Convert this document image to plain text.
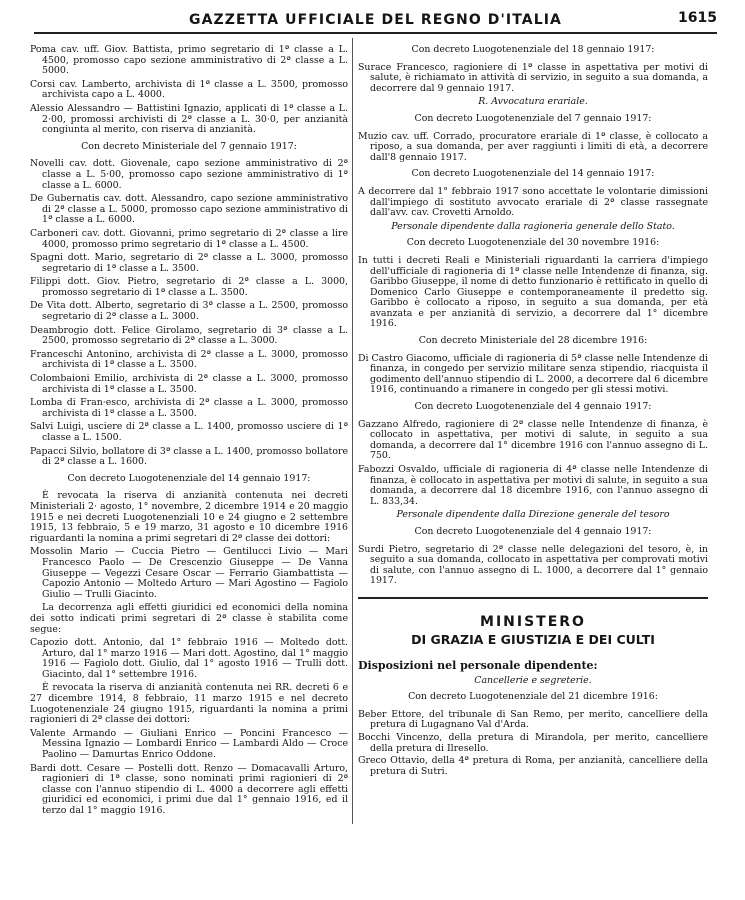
GAZZETTA UFFICIALE DEL REGNO D'ITALIA	1615

Poma cav. uff. Giov. Battista, primo segretario di 1ª classe a L. 4500, promosso capo sezione amministrativo di 2ª classe a L. 5000.

Corsi cav. Lamberto, archivista di 1ª classe a L. 3500, promosso archivista capo a L. 4000.

Alessio Alessandro — Battistini Ignazio, applicati di 1ª classe a L. 2·00, promossi archivisti di 2ª classe a L. 30·0, per anzianità congiunta al merito, con riserva di anzianità.

Con decreto Ministeriale del 7 gennaio 1917:

Novelli cav. dott. Giovenale, capo sezione amministrativo di 2ª classe a L. 5·00, promosso capo sezione amministrativo di 1ª classe a L. 6000.

De Gubernatis cav. dott. Alessandro, capo sezione amministrativo di 2ª classe a L. 5000, promosso capo sezione amministrativo di 1ª classe a L. 6000.

Carboneri cav. dott. Giovanni, primo segretario di 2ª classe a lire 4000, promosso primo segretario di 1ª classe a L. 4500.

Spagni dott. Mario, segretario di 2ª classe a L. 3000, promosso segretario di 1ª classe a L. 3500.

Filippi dott. Giov. Pietro, segretario di 2ª classe a L. 3000, promosso segretario di 1ª classe a L. 3500.

De Vita dott. Alberto, segretario di 3ª classe a L. 2500, promosso segretario di 2ª classe a L. 3000.

Deambrogio dott. Felice Girolamo, segretario di 3ª classe a L. 2500, promosso segretario di 2ª classe a L. 3000.

Franceschi Antonino, archivista di 2ª classe a L. 3000, promosso archivista di 1ª classe a L. 3500.

Colombaioni Emilio, archivista di 2ª classe a L. 3000, promosso archivista di 1ª classe a L. 3500.

Lomba di Fran·esco, archivista di 2ª classe a L. 3000, promosso archivista di 1ª classe a L. 3500.

Salvi Luigi, usciere di 2ª classe a L. 1400, promosso usciere di 1ª classe a L. 1500.

Papacci Silvio, bollatore di 3ª classe a L. 1400, promosso bollatore di 2ª classe a L. 1600.

Con decreto Luogotenenziale del 14 gennaio 1917:

È revocata la riserva di anzianità contenuta nei decreti Ministeriali 2· agosto, 1° novembre, 2 dicembre 1914 e 20 maggio 1915 e nei decreti Luogotenenziali 10 e 24 giugno e 2 settembre 1915, 13 febbraio, 5 e 19 marzo, 31 agosto e 10 dicembre 1916 riguardanti la nomina a primi segretari di 2ª classe dei dottori:

Mossolin Mario — Cuccia Pietro — Gentilucci Livio — Mari Francesco Paolo — De Crescenzio Giuseppe — De Vanna Giuseppe — Vegezzi Cesare Oscar — Ferrario Giambattista — Capozio Antonio — Moltedo Arturo — Mari Agostino — Fagiolo Giulio — Trulli Giacinto.

La decorrenza agli effetti giuridici ed economici della nomina dei sotto indicati primi segretari di 2ª classe è stabilita come segue:

Capozio dott. Antonio, dal 1° febbraio 1916 — Moltedo dott. Arturo, dal 1° marzo 1916 — Mari dott. Agostino, dal 1° maggio 1916 — Fagiolo dott. Giulio, dal 1° agosto 1916 — Trulli dott. Giacinto, dal 1° settembre 1916.

È revocata la riserva di anzianità contenuta nei RR. decreti 6 e 27 dicembre 1914, 8 febbraio, 11 marzo 1915 e nel decreto Luogotenenziale 24 giugno 1915, riguardanti la nomina a primi ragionieri di 2ª classe dei dottori:

Valente Armando — Giuliani Enrico — Poncini Francesco — Messina Ignazio — Lombardi Enrico — Lambardi Aldo — Croce Paolino — Damurtas Enrico Oddone.

Bardi dott. Cesare — Postelli dott. Renzo — Domacavalli Arturo, ragionieri di 1ª classe, sono nominati primi ragionieri di 2ª classe con l'annuo stipendio di L. 4000 a decorrere agli effetti giuridici ed economici, i primi due dal 1° gennaio 1916, ed il terzo dal 1° maggio 1916.

Con decreto Luogotenenziale del 18 gennaio 1917:

Surace Francesco, ragioniere di 1ª classe in aspettativa per motivi di salute, è richiamato in attività di servizio, in seguito a sua domanda, a decorrere dal 9 gennaio 1917.

R. Avvocatura erariale.

Con decreto Luogotenenziale del 7 gennaio 1917:

Muzio cav. uff. Corrado, procuratore erariale di 1ª classe, è collocato a riposo, a sua domanda, per aver raggiunti i limiti di età, a decorrere dall'8 gennaio 1917.

Con decreto Luogotenenziale del 14 gennaio 1917:

A decorrere dal 1° febbraio 1917 sono accettate le volontarie dimissioni dall'impiego di sostituto avvocato erariale di 2ª classe rassegnate dall'avv. cav. Crovetti Arnoldo.

Personale dipendente dalla ragioneria generale dello Stato.

Con decreto Luogotenenziale del 30 novembre 1916:

In tutti i decreti Reali e Ministeriali riguardanti la carriera d'impiego dell'ufficiale di ragioneria di 1ª classe nelle Intendenze di finanza, sig. Garibbo Giuseppe, il nome di detto funzionario è rettificato in quello di Domenico Carlo Giuseppe e contemporaneamente il predetto sig. Garibbo è collocato a riposo, in seguito a sua domanda, per età avanzata e per anzianità di servizio, a decorrere dal 1° dicembre 1916.

Con decreto Ministeriale del 28 dicembre 1916:

Di Castro Giacomo, ufficiale di ragioneria di 5ª classe nelle Intendenze di finanza, in congedo per servizio militare senza stipendio, riacquista il godimento dell'annuo stipendio di L. 2000, a decorrere dal 6 dicembre 1916, continuando a rimanere in congedo per gli stessi motivi.

Con decreto Luogotenenziale del 4 gennaio 1917:

Gazzano Alfredo, ragioniere di 2ª classe nelle Intendenze di finanza, è collocato in aspettativa, per motivi di salute, in seguito a sua domanda, a decorrere dal 1° dicembre 1916 con l'annuo assegno di L. 750.

Fabozzi Osvaldo, ufficiale di ragioneria di 4ª classe nelle Intendenze di finanza, è collocato in aspettativa per motivi di salute, in seguito a sua domanda, a decorrere dal 18 dicembre 1916, con l'annuo assegno di L. 833,34.

Personale dipendente dalla Direzione generale del tesoro

Con decreto Luogotenenziale del 4 gennaio 1917:

Surdi Pietro, segretario di 2ª classe nelle delegazioni del tesoro, è, in seguito a sua domanda, collocato in aspettativa per comprovati motivi di salute, con l'annuo assegno di L. 1000, a decorrere dal 1° gennaio 1917.

MINISTERO
DI GRAZIA E GIUSTIZIA E DEI CULTI

Disposizioni nel personale dipendente:

Cancellerie e segreterie.

Con decreto Luogotenenziale del 21 dicembre 1916:

Beber Ettore, del tribunale di San Remo, per merito, cancelliere della pretura di Lugagnano Val d'Arda.

Bocchi Vincenzo, della pretura di Mirandola, per merito, cancelliere della pretura di Ilresello.

Greco Ottavio, della 4ª pretura di Roma, per anzianità, cancelliere della pretura di Sutri.
